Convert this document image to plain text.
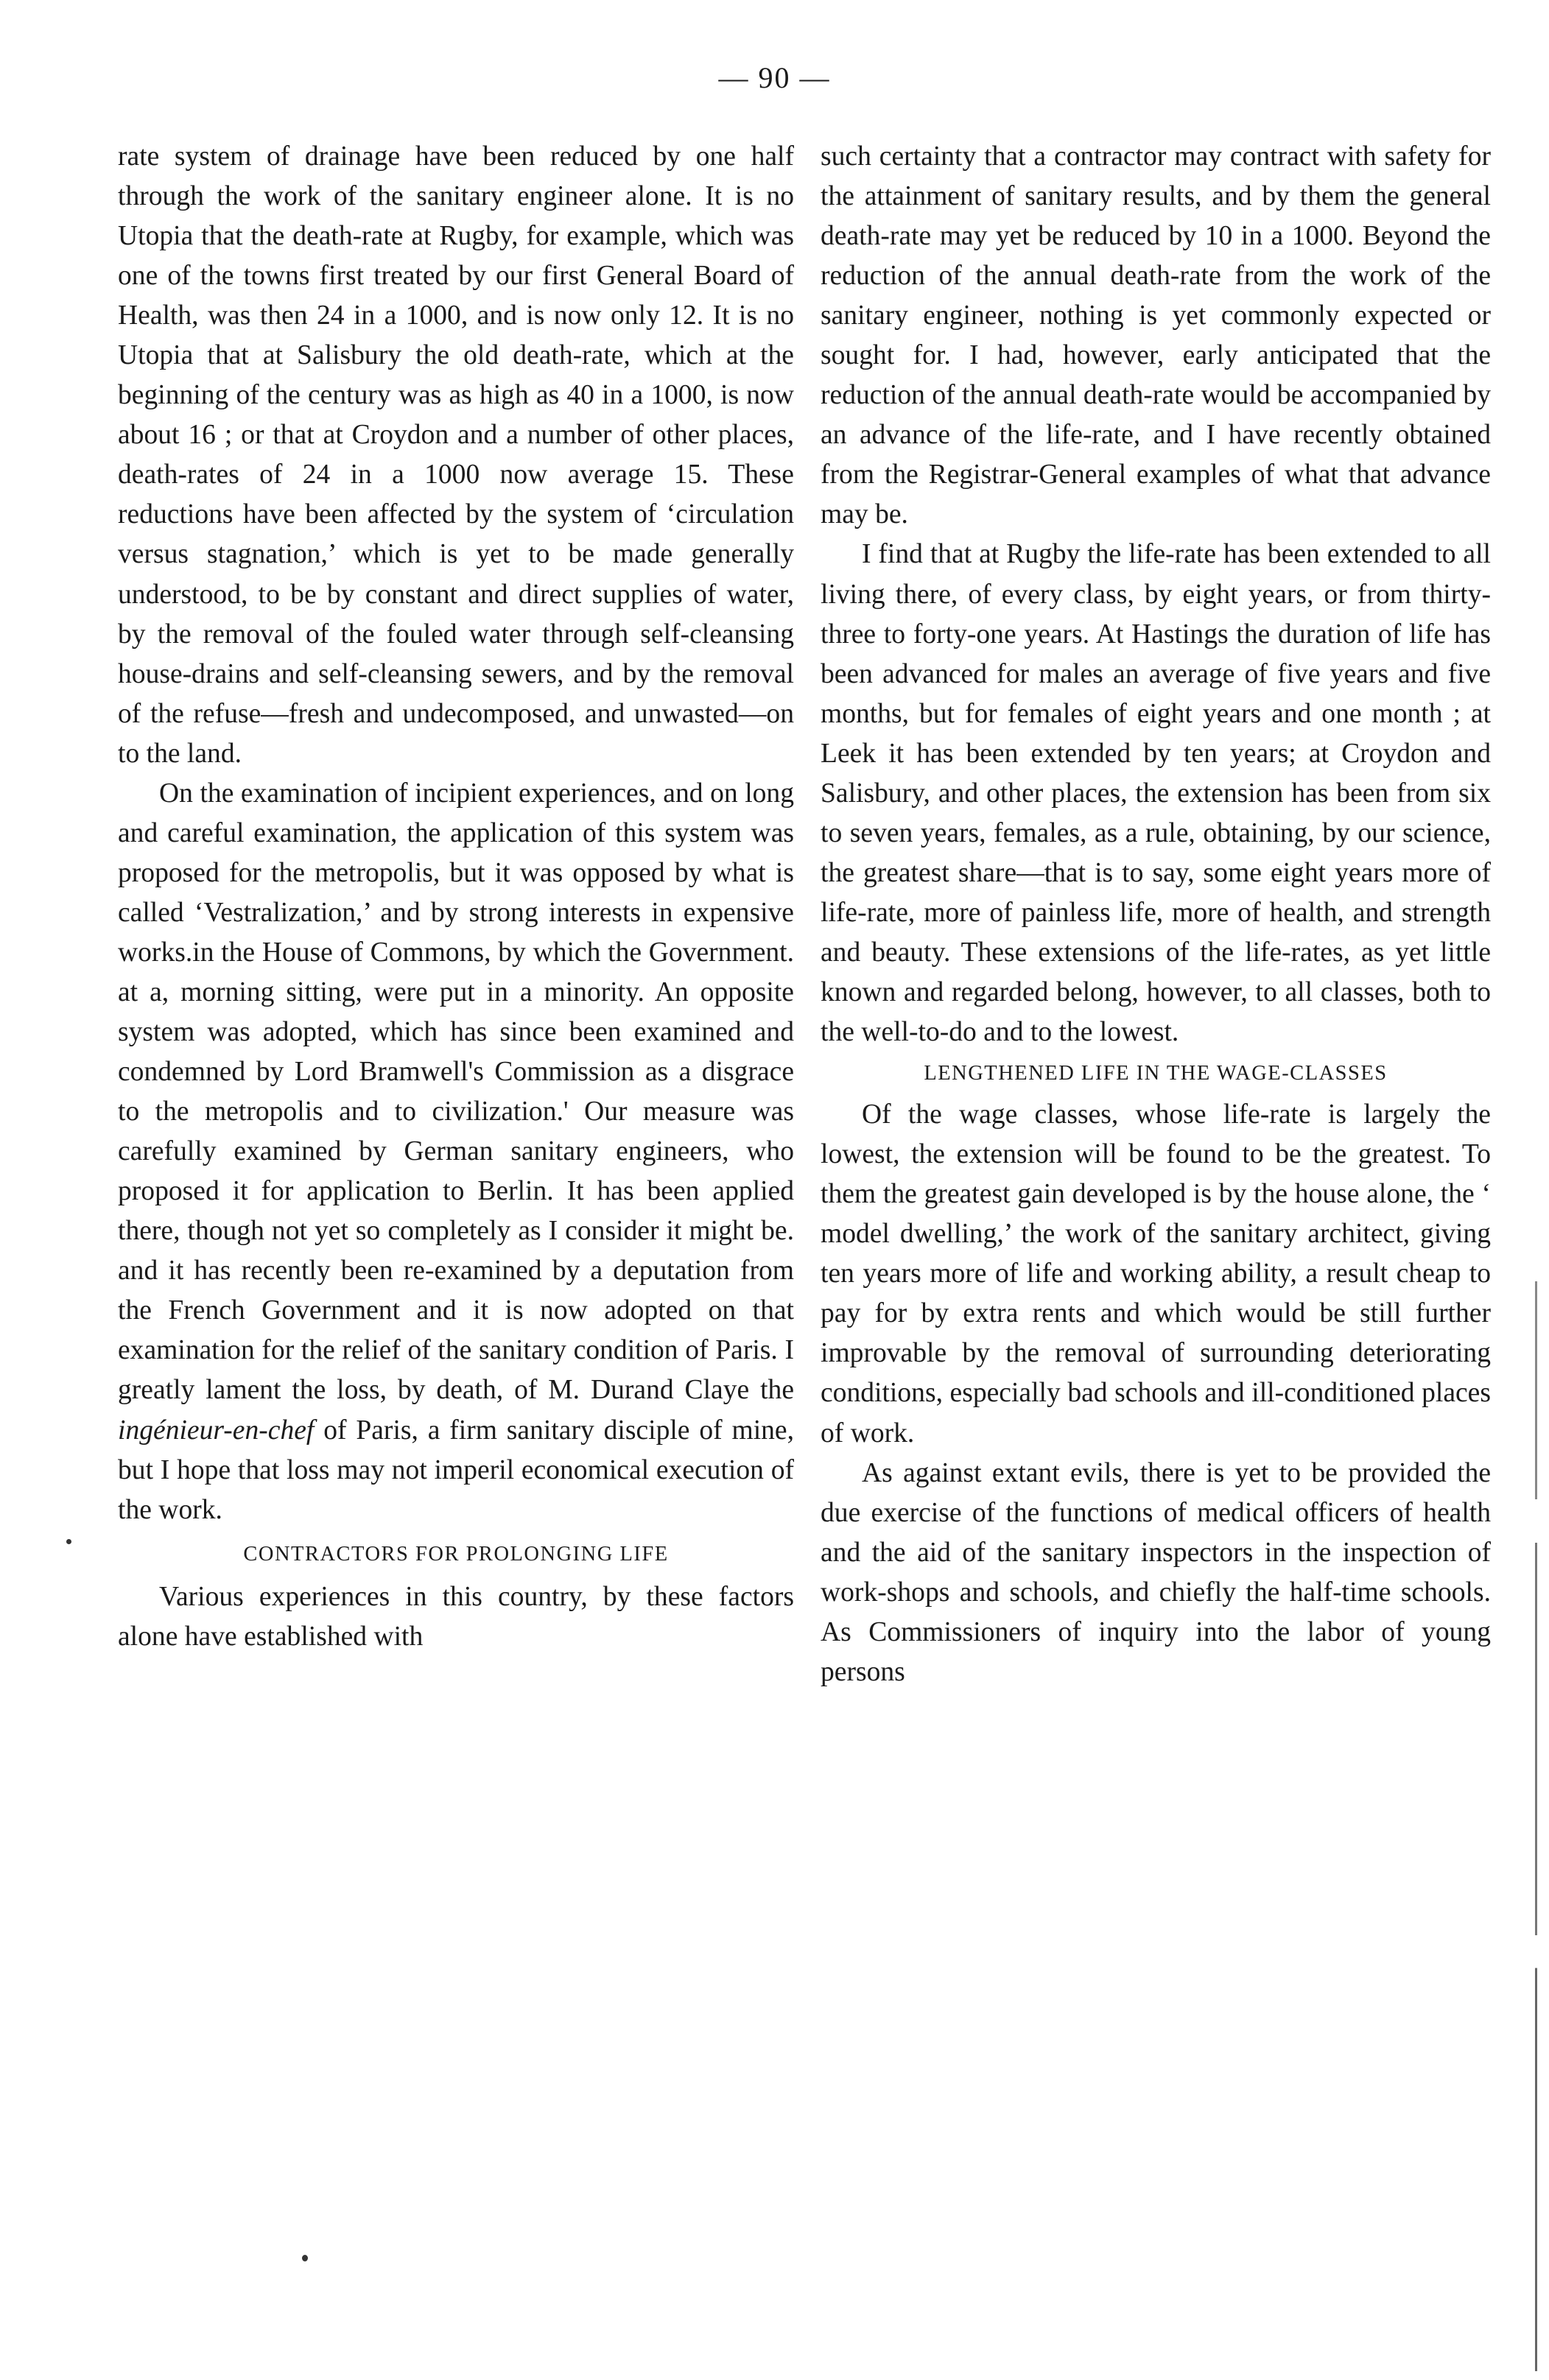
— 90 —

rate system of drainage have been reduced by one half through the work of the sanitary engineer alone. It is no Utopia that the death-rate at Rugby, for example, which was one of the towns first treated by our first General Board of Health, was then 24 in a 1000, and is now only 12. It is no Utopia that at Salisbury the old death-rate, which at the beginning of the century was as high as 40 in a 1000, is now about 16 ; or that at Croydon and a number of other places, death-rates of 24 in a 1000 now average 15. These reductions have been affected by the system of ‘circulation versus stagnation,’ which is yet to be made generally understood, to be by constant and direct supplies of water, by the removal of the fouled water through self-cleansing house-drains and self-cleansing sewers, and by the removal of the refuse—fresh and undecomposed, and unwasted—on to the land.

On the examination of incipient experiences, and on long and careful examination, the application of this system was proposed for the metropolis, but it was opposed by what is called ‘Vestralization,’ and by strong interests in expensive works.in the House of Commons, by which the Government. at a, morning sitting, were put in a minority. An opposite system was adopted, which has since been examined and condemned by Lord Bramwell's Commission as a disgrace to the metropolis and to civilization.' Our measure was carefully examined by German sanitary engineers, who proposed it for application to Berlin. It has been applied there, though not yet so completely as I consider it might be. and it has recently been re-examined by a deputation from the French Government and it is now adopted on that examination for the relief of the sanitary condition of Paris. I greatly lament the loss, by death, of M. Durand Claye the ingénieur-en-chef of Paris, a firm sanitary disciple of mine, but I hope that loss may not imperil economical execution of the work.

CONTRACTORS FOR PROLONGING LIFE

Various experiences in this country, by these factors alone have established with

such certainty that a contractor may contract with safety for the attainment of sanitary results, and by them the general death-rate may yet be reduced by 10 in a 1000. Beyond the reduction of the annual death-rate from the work of the sanitary engineer, nothing is yet commonly expected or sought for. I had, however, early anticipated that the reduction of the annual death-rate would be accompanied by an advance of the life-rate, and I have recently obtained from the Registrar-General examples of what that advance may be.

I find that at Rugby the life-rate has been extended to all living there, of every class, by eight years, or from thirty-three to forty-one years. At Hastings the duration of life has been advanced for males an average of five years and five months, but for females of eight years and one month ; at Leek it has been extended by ten years; at Croydon and Salisbury, and other places, the extension has been from six to seven years, females, as a rule, obtaining, by our science, the greatest share—that is to say, some eight years more of life-rate, more of painless life, more of health, and strength and beauty. These extensions of the life-rates, as yet little known and regarded belong, however, to all classes, both to the well-to-do and to the lowest.

LENGTHENED LIFE IN THE WAGE-CLASSES

Of the wage classes, whose life-rate is largely the lowest, the extension will be found to be the greatest. To them the greatest gain developed is by the house alone, the ‘ model dwelling,’ the work of the sanitary architect, giving ten years more of life and working ability, a result cheap to pay for by extra rents and which would be still further improvable by the removal of surrounding deteriorating conditions, especially bad schools and ill-conditioned places of work.

As against extant evils, there is yet to be provided the due exercise of the functions of medical officers of health and the aid of the sanitary inspectors in the inspection of work-shops and schools, and chiefly the half-time schools. As Commissioners of inquiry into the labor of young persons
